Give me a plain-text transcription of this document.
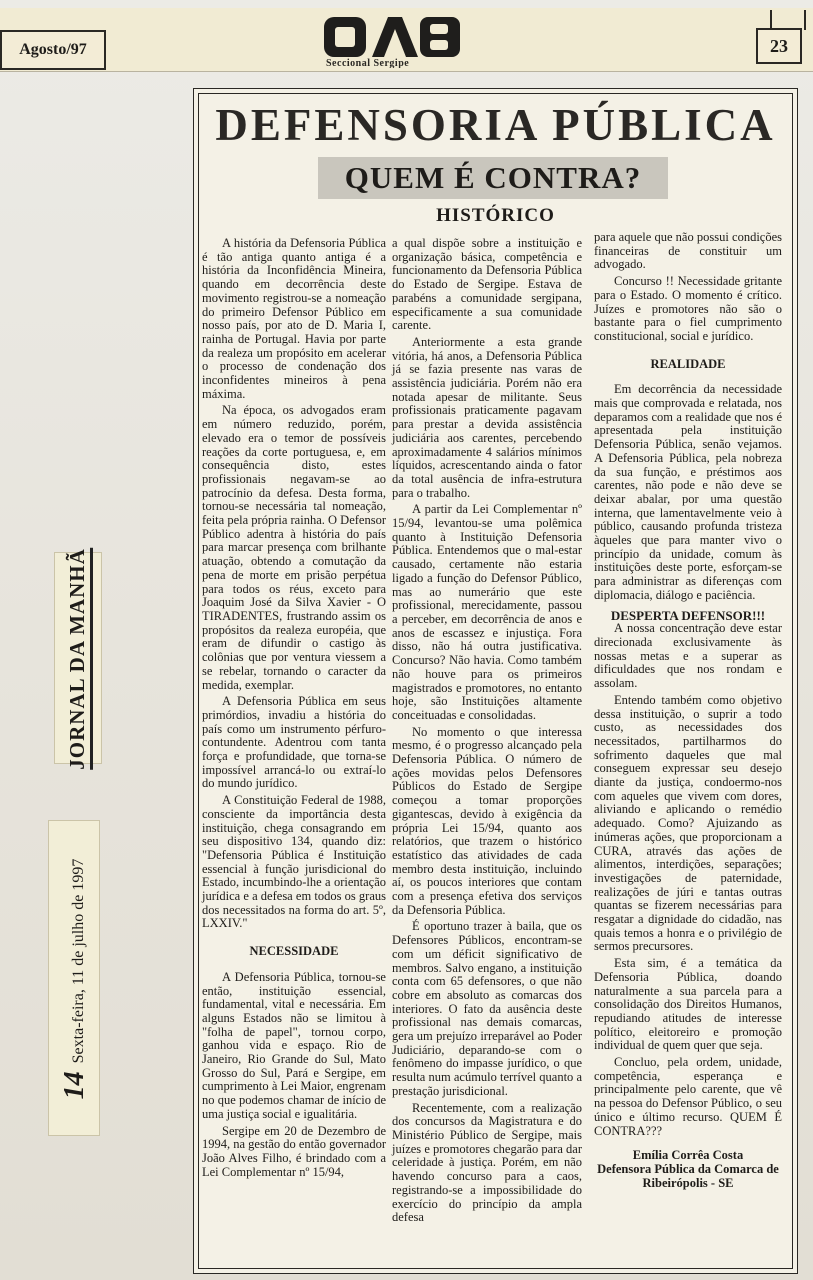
Agosto/97
Seccional Sergipe
23
JORNAL DA MANHÃ
14Sexta-feira, 11 de julho de 1997
DEFENSORIA PÚBLICA
QUEM É CONTRA?
HISTÓRICO

A história da Defensoria Pública é tão antiga quanto antiga é a história da Inconfidência Mineira, quando em decorrência deste movimento registrou-se a nomeação do primeiro Defensor Público em nosso país, por ato de D. Maria I, rainha de Portugal. Havia por parte da realeza um propósito em acelerar o processo de condenação dos inconfidentes mineiros à pena máxima.

Na época, os advogados eram em número reduzido, porém, elevado era o temor de possíveis reações da corte portuguesa, e, em consequência disto, estes profissionais negavam-se ao patrocínio da defesa. Desta forma, tornou-se necessária tal nomeação, feita pela própria rainha. O Defensor Público adentra à história do país para marcar presença com brilhante atuação, obtendo a comutação da pena de morte em prisão perpétua para todos os réus, exceto para Joaquim José da Silva Xavier - O TIRADENTES, frustrando assim os propósitos da realeza européia, que eram de difundir o castigo às colônias que por ventura viessem a se rebelar, tornando o caracter da medida, exemplar.

A Defensoria Pública em seus primórdios, invadiu a história do país como um instrumento pérfuro-contundente. Adentrou com tanta força e profundidade, que torna-se impossível arrancá-lo ou extraí-lo do mundo jurídico.

A Constituição Federal de 1988, consciente da importância desta instituição, chega consagrando em seu dispositivo 134, quando diz: "Defensoria Pública é Instituição essencial à função jurisdicional do Estado, incumbindo-lhe a orientação jurídica e a defesa em todos os graus dos necessitados na forma do art. 5º, LXXIV."

NECESSIDADE

A Defensoria Pública, tornou-se então, instituição essencial, fundamental, vital e necessária. Em alguns Estados não se limitou à "folha de papel", tornou corpo, ganhou vida e espaço. Rio de Janeiro, Rio Grande do Sul, Mato Grosso do Sul, Pará e Sergipe, em cumprimento à Lei Maior, engrenam no que podemos chamar de início de uma justiça social e igualitária.

Sergipe em 20 de Dezembro de 1994, na gestão do então governador João Alves Filho, é brindado com a Lei Complementar nº 15/94,

a qual dispõe sobre a instituição e organização básica, competência e funcionamento da Defensoria Pública do Estado de Sergipe. Estava de parabéns a comunidade sergipana, especificamente a sua comunidade carente.

Anteriormente a esta grande vitória, há anos, a Defensoria Pública já se fazia presente nas varas de assistência judiciária. Porém não era notada apesar de militante. Seus profissionais praticamente pagavam para prestar a devida assistência judiciária aos carentes, percebendo aproximadamente 4 salários mínimos líquidos, acrescentando ainda o fator da total ausência de infra-estrutura para o trabalho.

A partir da Lei Complementar nº 15/94, levantou-se uma polêmica quanto à Instituição Defensoria Pública. Entendemos que o mal-estar causado, certamente não estaria ligado a função do Defensor Público, mas ao numerário que este profissional, merecidamente, passou a perceber, em decorrência de anos e anos de escassez e injustiça. Fora disso, não há outra justificativa. Concurso? Não havia. Como também não houve para os primeiros magistrados e promotores, no entanto hoje, são Instituições altamente conceituadas e consolidadas.

No momento o que interessa mesmo, é o progresso alcançado pela Defensoria Pública. O número de ações movidas pelos Defensores Públicos do Estado de Sergipe começou a tomar proporções gigantescas, devido à exigência da própria Lei 15/94, quanto aos relatórios, que trazem o histórico estatístico das atividades de cada membro desta instituição, incluindo aí, os poucos interiores que contam com a presença efetiva dos serviços da Defensoria Pública.

É oportuno trazer à baila, que os Defensores Públicos, encontram-se com um déficit significativo de membros. Salvo engano, a instituição conta com 65 defensores, o que não cobre em absoluto as comarcas dos interiores. O fato da ausência deste profissional nas demais comarcas, gera um prejuízo irreparável ao Poder Judiciário, deparando-se com o fenômeno do impasse jurídico, o que resulta num acúmulo terrível quanto a prestação jurisdicional.

Recentemente, com a realização dos concursos da Magistratura e do Ministério Público de Sergipe, mais juízes e promotores chegarão para dar celeridade à justiça. Porém, em não havendo concurso para a caos, registrando-se a impossibilidade do exercício do princípio da ampla defesa

para aquele que não possui condições financeiras de constituir um advogado.

Concurso !! Necessidade gritante para o Estado. O momento é crítico. Juízes e promotores não são o bastante para o fiel cumprimento constitucional, social e jurídico.

REALIDADE

Em decorrência da necessidade mais que comprovada e relatada, nos deparamos com a realidade que nos é apresentada pela instituição Defensoria Pública, senão vejamos. A Defensoria Pública, pela nobreza da sua função, e préstimos aos carentes, não pode e não deve se deixar abalar, por uma questão interna, que lamentavelmente veio à público, causando profunda tristeza àqueles que para manter vivo o princípio da unidade, comum às instituições deste porte, esforçam-se para administrar as diferenças com diplomacia, diálogo e paciência.

DESPERTA DEFENSOR!!!

A nossa concentração deve estar direcionada exclusivamente às nossas metas e a superar as dificuldades que nos rondam e assolam.

Entendo também como objetivo dessa instituição, o suprir a todo custo, as necessidades dos necessitados, partilharmos do sofrimento daqueles que mal conseguem expressar seu desejo diante da justiça, condoermo-nos com aqueles que vivem com dores, aliviando e aplicando o remédio adequado. Como? Ajuizando as inúmeras ações, que proporcionam a CURA, através das ações de alimentos, interdições, separações; investigações de paternidade, realizações de júri e tantas outras quantas se fizerem necessárias para resgatar a dignidade do cidadão, nas quais temos a honra e o privilégio de sermos precursores.

Esta sim, é a temática da Defensoria Pública, doando naturalmente a sua parcela para a consolidação dos Direitos Humanos, repudiando atitudes de interesse político, eleitoreiro e promoção individual de quem quer que seja.

Concluo, pela ordem, unidade, competência, esperança e principalmente pelo carente, que vê na pessoa do Defensor Público, o seu único e último recurso. QUEM É CONTRA???

Emília Corrêa Costa
Defensora Pública da Comarca de Ribeirópolis - SE
